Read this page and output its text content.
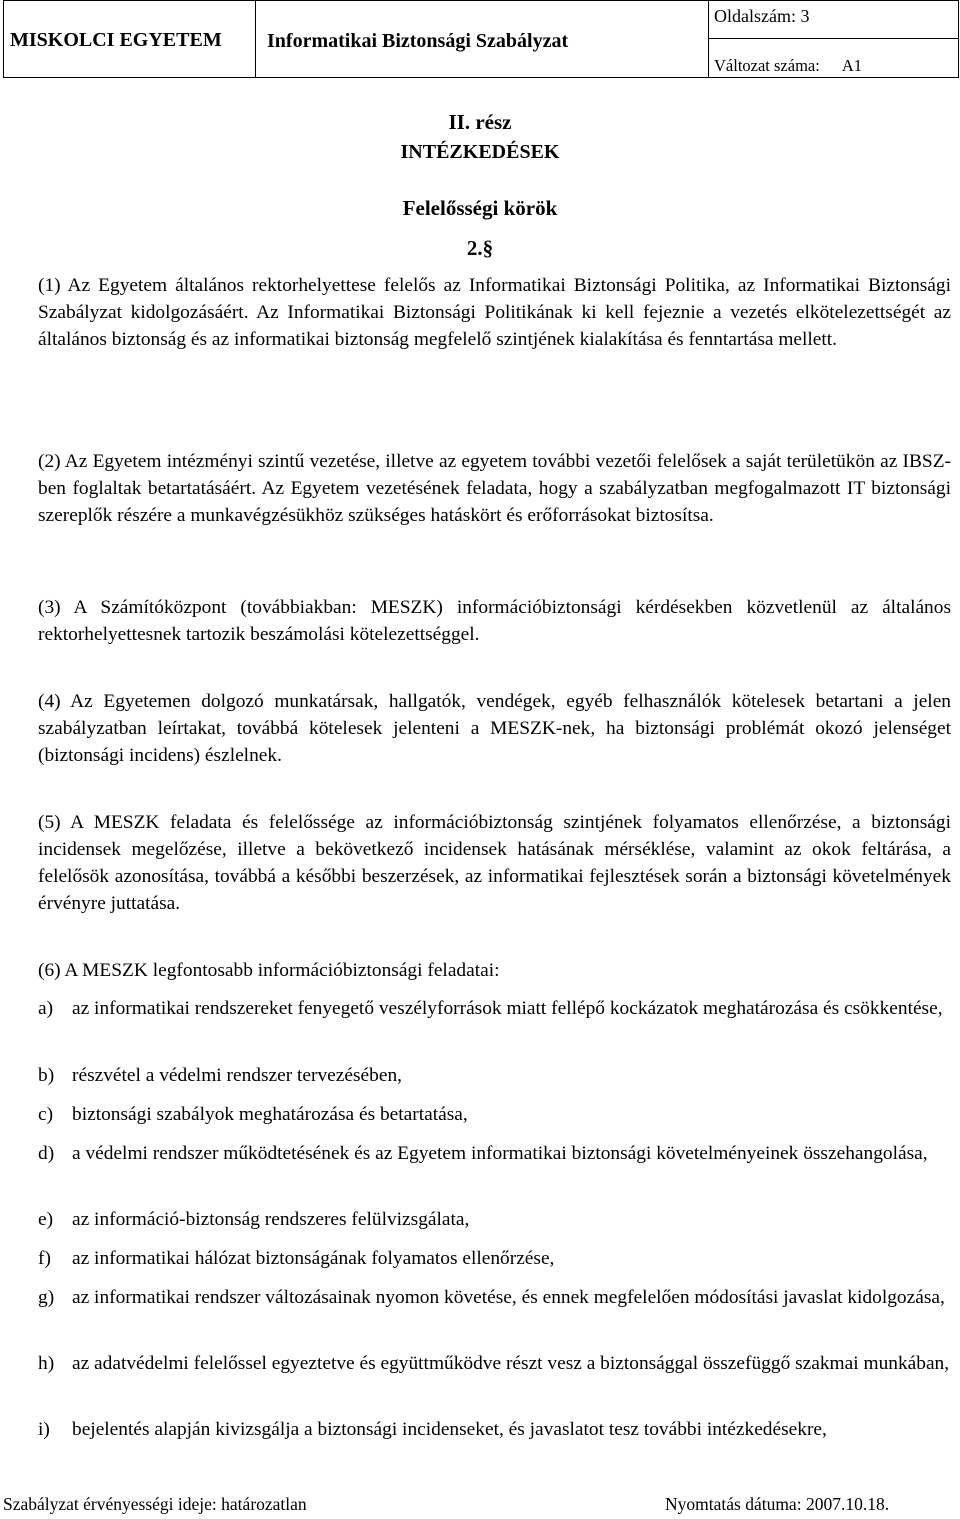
MISKOLCI EGYETEM Informatikai Biztonsági Szabályzat
Oldalszám: 3
Változat száma: A1
II. rész
INTÉZKEDÉSEK
Felelősségi körök
2.§

(1) Az Egyetem általános rektorhelyettese felelős az Informatikai Biztonsági Politika, az Informatikai Biztonsági Szabályzat kidolgozásáért. Az Informatikai Biztonsági Politikának ki kell fejeznie a vezetés elkötelezettségét az általános biztonság és az informatikai biztonság megfelelő szintjének kialakítása és fenntartása mellett.

(2) Az Egyetem intézményi szintű vezetése, illetve az egyetem további vezetői felelősek a saját területükön az IBSZ-ben foglaltak betartatásáért. Az Egyetem vezetésének feladata, hogy a szabályzatban megfogalmazott IT biztonsági szereplők részére a munkavégzésükhöz szükséges hatáskört és erőforrásokat biztosítsa.

(3) A Számítóközpont (továbbiakban: MESZK) információbiztonsági kérdésekben közvetlenül az általános rektorhelyettesnek tartozik beszámolási kötelezettséggel.

(4) Az Egyetemen dolgozó munkatársak, hallgatók, vendégek, egyéb felhasználók kötelesek betartani a jelen szabályzatban leírtakat, továbbá kötelesek jelenteni a MESZK-nek, ha biztonsági problémát okozó jelenséget (biztonsági incidens) észlelnek.

(5) A MESZK feladata és felelőssége az információbiztonság szintjének folyamatos ellenőrzése, a biztonsági incidensek megelőzése, illetve a bekövetkező incidensek hatásának mérséklése, valamint az okok feltárása, a felelősök azonosítása, továbbá a későbbi beszerzések, az informatikai fejlesztések során a biztonsági követelmények érvényre juttatása.

(6) A MESZK legfontosabb információbiztonsági feladatai:

a) az informatikai rendszereket fenyegető veszélyforrások miatt fellépő kockázatok meghatározása és csökkentése,
b) részvétel a védelmi rendszer tervezésében,
c) biztonsági szabályok meghatározása és betartatása,
d) a védelmi rendszer működtetésének és az Egyetem informatikai biztonsági követelményeinek összehangolása,
e) az információ-biztonság rendszeres felülvizsgálata,
f) az informatikai hálózat biztonságának folyamatos ellenőrzése,
g) az informatikai rendszer változásainak nyomon követése, és ennek megfelelően módosítási javaslat kidolgozása,
h) az adatvédelmi felelőssel egyeztetve és együttműködve részt vesz a biztonsággal összefüggő szakmai munkában,
i) bejelentés alapján kivizsgálja a biztonsági incidenseket, és javaslatot tesz további intézkedésekre,
Szabályzat érvényességi ideje: határozatlan	Nyomtatás dátuma: 2007.10.18.
